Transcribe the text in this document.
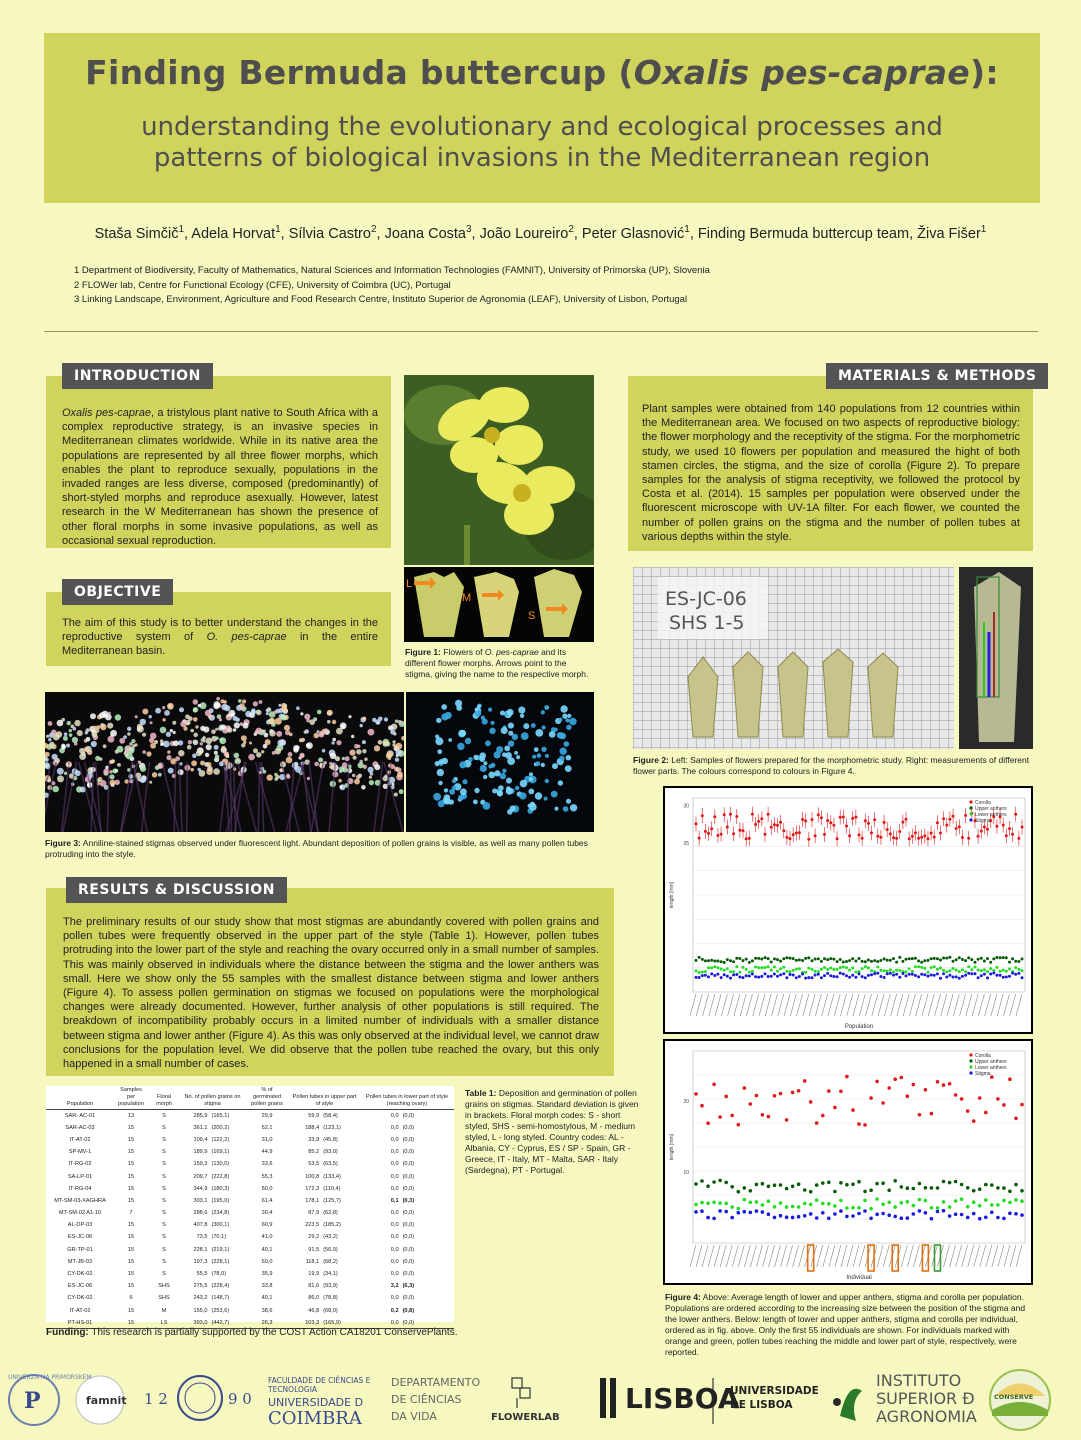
Finding Bermuda buttercup (Oxalis pes-caprae):
understanding the evolutionary and ecological processes and
patterns of biological invasions in the Mediterranean region
Staša Simčič$^1$, Adela Horvat$^1$, Sílvia Castro$^2$, Joana Costa$^3$, João Loureiro$^2$, Peter Glasnović$^1$, Finding Bermuda buttercup team, Živa Fišer$^1$
1 Department of Biodiversity, Faculty of Mathematics, Natural Sciences and Information Technologies (FAMNIT), University of Primorska (UP), Slovenia
2 FLOWer lab, Centre for Functional Ecology (CFE), University of Coimbra (UC), Portugal
3 Linking Landscape, Environment, Agriculture and Food Research Centre, Instituto Superior de Agronomia (LEAF), University of Lisbon, Portugal
Oxalis pes-caprae, a tristylous plant native to South Africa with a complex reproductive strategy, is an invasive species in Mediterranean climates worldwide. While in its native area the populations are represented by all three flower morphs, which enables the plant to reproduce sexually, populations in the invaded ranges are less diverse, composed (predominantly) of short-styled morphs and reproduce asexually. However, latest research in the W Mediterranean has shown the presence of other floral morphs in some invasive populations, as well as occasional sexual reproduction.
INTRODUCTION
The aim of this study is to better understand the changes in the reproductive system of O. pes-caprae in the entire Mediterranean basin.
OBJECTIVE	L
M
S
Figure 1: Flowers of O. pes-caprae and its different flower morphs. Arrows point to the stigma, giving the name to the respective morph.
Plant samples were obtained from 140 populations from 12 countries within the Mediterranean area. We focused on two aspects of reproductive biology: the flower morphology and the receptivity of the stigma. For the morphometric study, we used 10 flowers per population and measured the hight of both stamen circles, the stigma, and the size of corolla (Figure 2). To prepare samples for the analysis of stigma receptivity, we followed the protocol by Costa et al. (2014). 15 samples per population were observed under the fluorescent microscope with UV-1A filter. For each flower, we counted the number of pollen grains on the stigma and the number of pollen tubes at various depths within the style.
MATERIALS & METHODS
ES-JC-06
SHS 1-5
Figure 2: Left: Samples of flowers prepared for the morphometric study. Right: measurements of different flower parts. The colours correspond to colours in Figure 4.
Figure 3: Anniline-stained stigmas observed under fluorescent light. Abundant deposition of pollen grains is visible, as well as many pollen tubes protruding into the style.
The preliminary results of our study show that most stigmas are abundantly covered with pollen grains and pollen tubes were frequently observed in the upper part of the style (Table 1). However, pollen tubes protruding into the lower part of the style and reaching the ovary occurred only in a small number of samples. This was mainly observed in individuals where the distance between the stigma and the lower anthers was small. Here we show only the 55 samples with the smallest distance between stigma and lower anthers (Figure 4). To assess pollen germination on stigmas we focused on populations were the morphological changes were already documented. However, further analysis of other populations is still required. The breakdown of incompatibility probably occurs in a limited number of individuals with a smaller distance between stigma and lower anther (Figure 4). As this was only observed at the individual level, we cannot draw conclusions for the population level. We did observe that the pollen tube reached the ovary, but this only happened in a small number of cases.
RESULTS & DISCUSSION
Population	Samples per population	Floral morph	No. of pollen grains on stigma		% of germinated pollen grains	Pollen tubes in upper part of style		Pollen tubes in lower part of style (reaching ovary)	
SAR- AC-01	13	S	285,9	(165,1)	29,9	59,9	(58,4)	0,0	(0,0)
SAR-AC-03	15	S	361,1	(200,2)	52,1	188,4	(123,1)	0,0	(0,0)
IT-AT-02	15	S	109,4	(122,2)	31,0	33,9	(45,8)	0,0	(0,0)
SP-MV-1	15	S	189,9	(169,1)	44,9	85,2	(93,0)	0,0	(0,0)
IT-RG-02	15	S	159,3	(130,0)	33,6	53,5	(63,5)	0,0	(0,0)
SA-LP-01	15	S	209,7	(222,8)	55,3	100,8	(133,4)	0,0	(0,0)
IT-RG-04	15	S	344,9	(180,3)	50,0	172,3	(110,4)	0,0	(0,0)
MT-SM-03-XAGHRA	15	S	303,1	(195,0)	61,4	178,1	(125,7)	0,1	(0,3)
MT-SM-02 A1-10	7	S	288,6	(234,8)	30,4	87,9	(62,8)	0,0	(0,0)
AL-DP-03	15	S	407,8	(300,1)	60,9	223,5	(185,2)	0,0	(0,0)
ES-JC-06	15	S	73,5	(70,1)	41,0	29,2	(43,2)	0,0	(0,0)
GR-TP-01	15	S	228,1	(219,1)	40,1	91,5	(56,0)	0,0	(0,0)
MT-JB-03	15	S	197,3	(228,1)	60,0	118,1	(68,2)	0,0	(0,0)
CY-DK-02	15	S	55,5	(78,0)	35,9	19,9	(34,1)	0,0	(0,0)
ES-JC-06	15	SHS	275,5	(228,4)	33,8	81,6	(93,9)	3,2	(6,3)
CY-DK-02	6	SHS	243,2	(148,7)	40,1	86,0	(78,8)	0,0	(0,0)
IT-AT-02	15	M	155,0	(253,6)	38,6	46,8	(68,0)	0,2	(0,8)
PT-HS-01	15	LS	393,0	(442,7)	26,3	103,3	(165,9)	0,0	(0,0)
Table 1: Deposition and germination of pollen grains on stigmas. Standard deviation is given in brackets. Floral morph codes: S - short styled, SHS - semi-homostylous, M - medium styled, L - long styled. Country codes: AL - Albania, CY - Cyprus, ES / SP - Spain, GR - Greece, IT - Italy, MT - Malta, SAR - Italy (Sardegna), PT - Portugal.
Funding: This research is partially supported by the COST Action CA18201 ConservePlants.
30
25
length [mm]
Population
Corolla
Upper anthers
Lower anthers
Stigma
20
10
length [mm]
Individual
Corolla
Upper anthers
Lower anthers
Stigma
Figure 4: Above: Average length of lower and upper anthers, stigma and corolla per population. Populations are ordered according to the increasing size between the position of the stigma and the lower anthers. Below: length of lower and upper anthers, stigma and corolla per individual, ordered as in fig. above. Only the first 55 individuals are shown. For individuals marked with orange and green, pollen tubes reaching the middle and lower part of style, respectively, were reported.
P
UNIVERZA NA PRIMORSKEM
famnit 1 2	9 0
FACULDADE DE CIÊNCIAS E TECNOLOGIA
UNIVERSIDADE D
COIMBRA
DEPARTAMENTO
DE CIÊNCIAS
DA VIDA	FLOWERLAB
LISBOA
UNIVERSIDADE
DE LISBOA
INSTITUTO
SUPERIOR Ð
AGRONOMIA
CONSERVE
